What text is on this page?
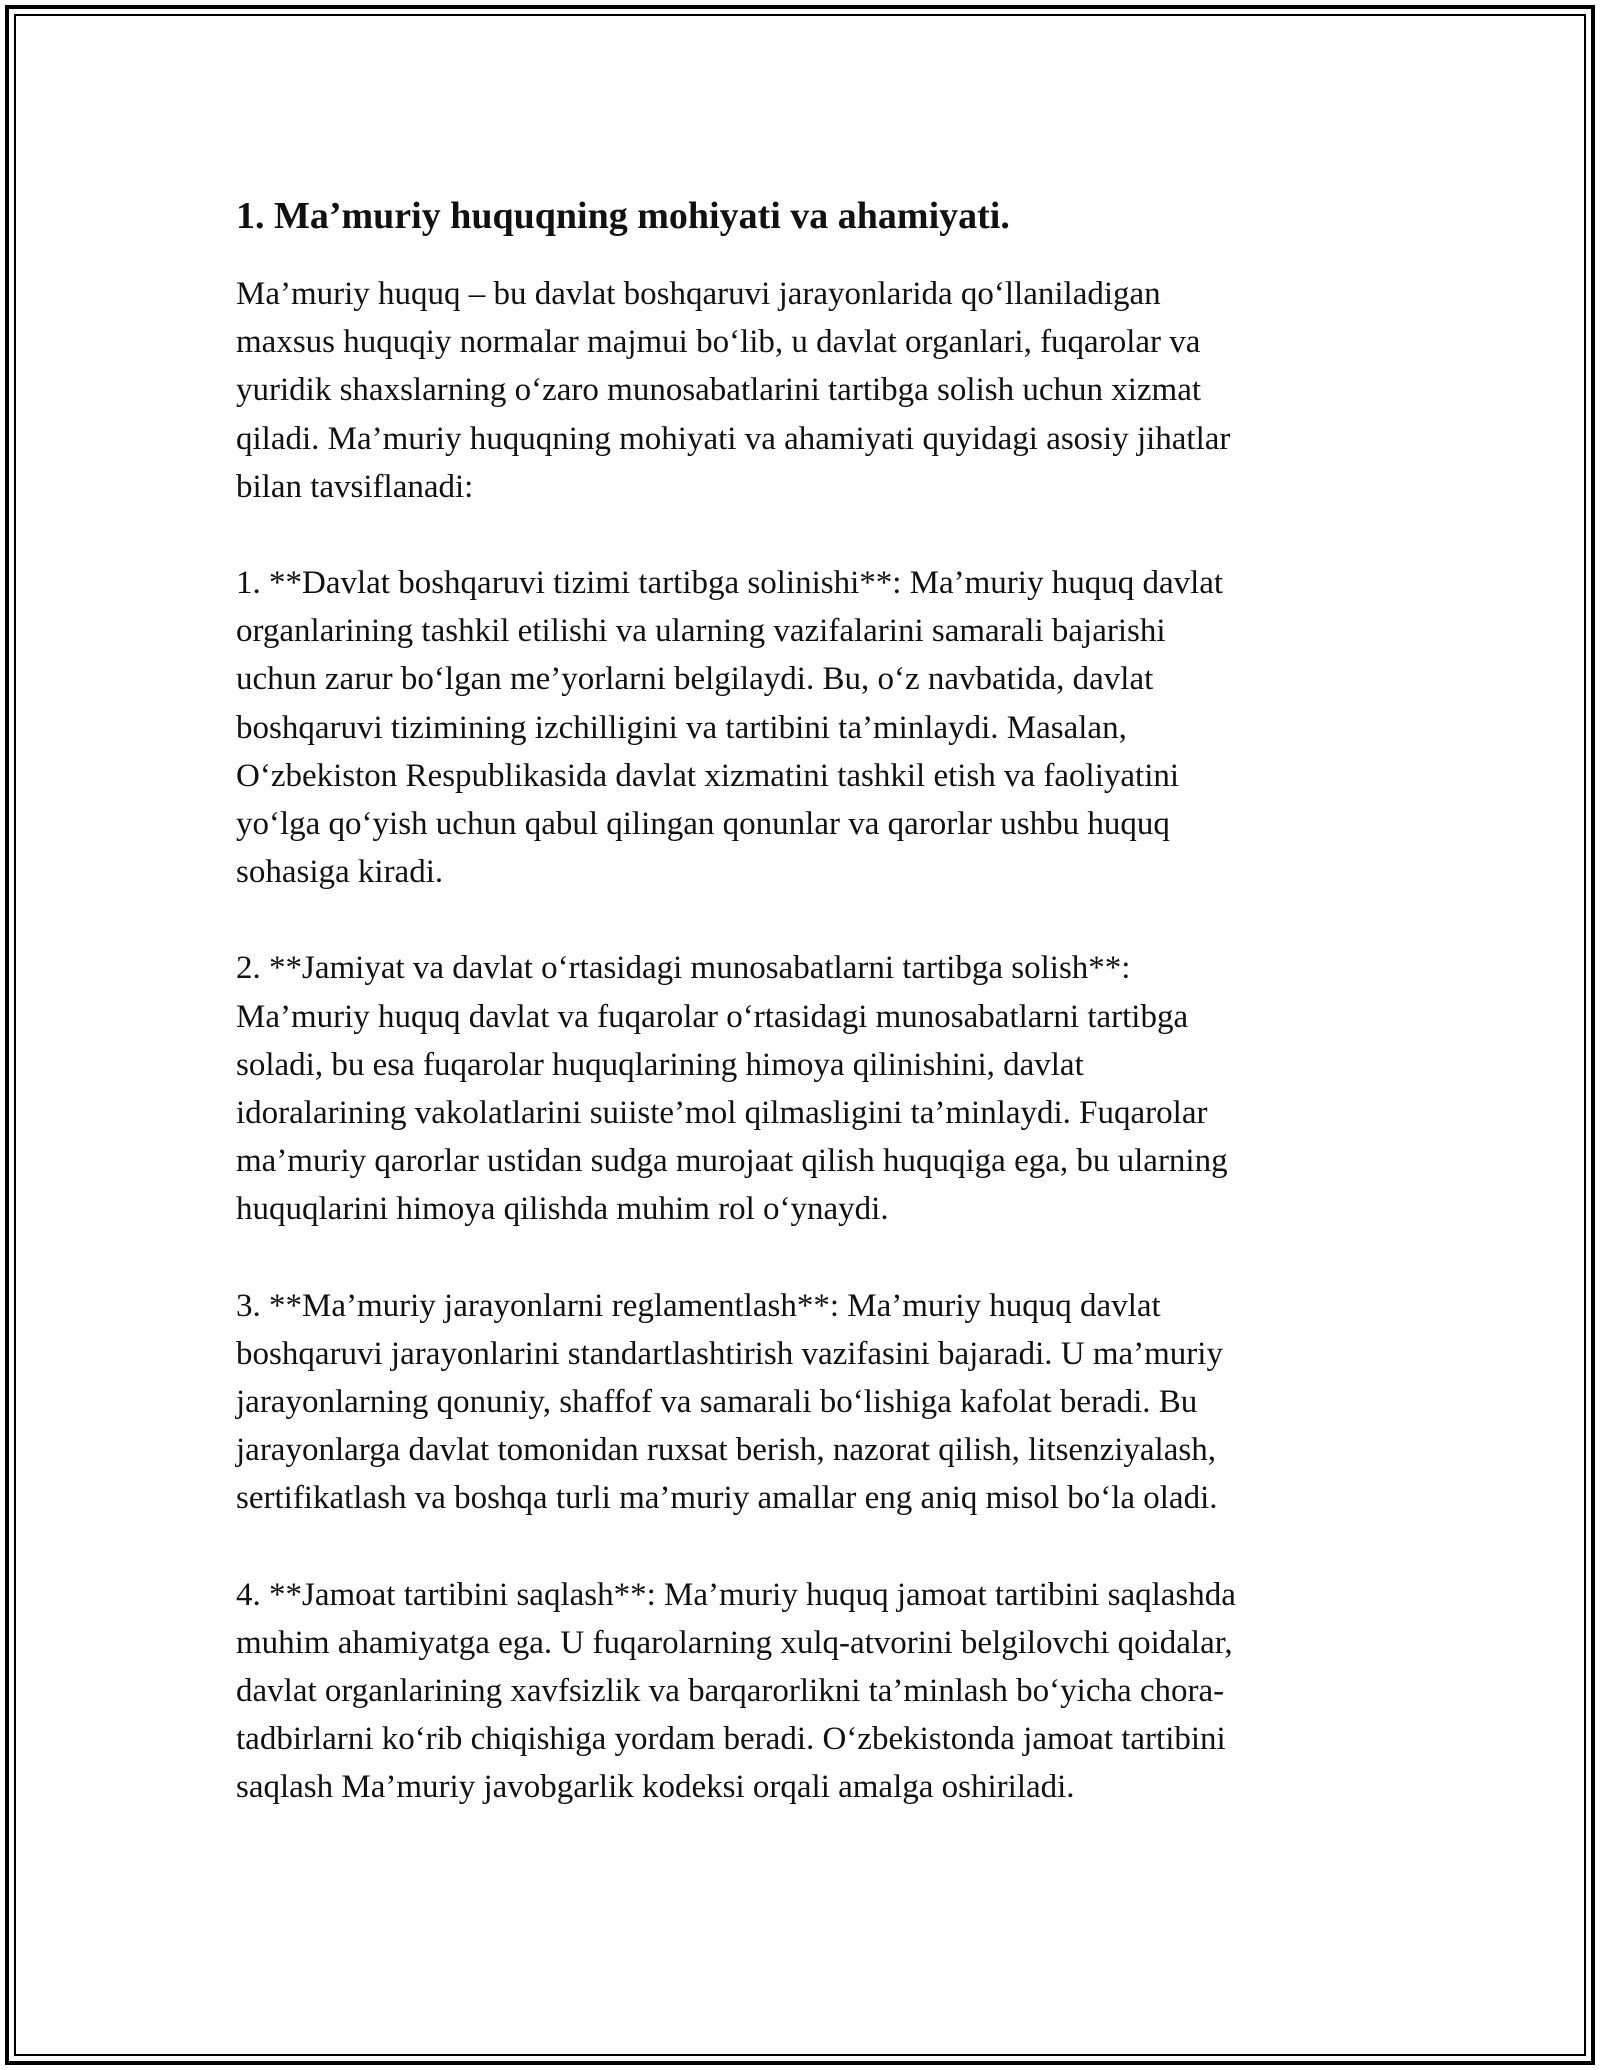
1. Ma’muriy huquqning mohiyati va ahamiyati.

Ma’muriy huquq – bu davlat boshqaruvi jarayonlarida qo‘llaniladigan
maxsus huquqiy normalar majmui bo‘lib, u davlat organlari, fuqarolar va
yuridik shaxslarning o‘zaro munosabatlarini tartibga solish uchun xizmat
qiladi. Ma’muriy huquqning mohiyati va ahamiyati quyidagi asosiy jihatlar
bilan tavsiflanadi:

1. **Davlat boshqaruvi tizimi tartibga solinishi**: Ma’muriy huquq davlat
organlarining tashkil etilishi va ularning vazifalarini samarali bajarishi
uchun zarur bo‘lgan me’yorlarni belgilaydi. Bu, o‘z navbatida, davlat
boshqaruvi tizimining izchilligini va tartibini ta’minlaydi. Masalan,
O‘zbekiston Respublikasida davlat xizmatini tashkil etish va faoliyatini
yo‘lga qo‘yish uchun qabul qilingan qonunlar va qarorlar ushbu huquq
sohasiga kiradi.

2. **Jamiyat va davlat o‘rtasidagi munosabatlarni tartibga solish**:
Ma’muriy huquq davlat va fuqarolar o‘rtasidagi munosabatlarni tartibga
soladi, bu esa fuqarolar huquqlarining himoya qilinishini, davlat
idoralarining vakolatlarini suiiste’mol qilmasligini ta’minlaydi. Fuqarolar
ma’muriy qarorlar ustidan sudga murojaat qilish huquqiga ega, bu ularning
huquqlarini himoya qilishda muhim rol o‘ynaydi.

3. **Ma’muriy jarayonlarni reglamentlash**: Ma’muriy huquq davlat
boshqaruvi jarayonlarini standartlashtirish vazifasini bajaradi. U ma’muriy
jarayonlarning qonuniy, shaffof va samarali bo‘lishiga kafolat beradi. Bu
jarayonlarga davlat tomonidan ruxsat berish, nazorat qilish, litsenziyalash,
sertifikatlash va boshqa turli ma’muriy amallar eng aniq misol bo‘la oladi.

4. **Jamoat tartibini saqlash**: Ma’muriy huquq jamoat tartibini saqlashda
muhim ahamiyatga ega. U fuqarolarning xulq-atvorini belgilovchi qoidalar,
davlat organlarining xavfsizlik va barqarorlikni ta’minlash bo‘yicha chora-
tadbirlarni ko‘rib chiqishiga yordam beradi. O‘zbekistonda jamoat tartibini
saqlash Ma’muriy javobgarlik kodeksi orqali amalga oshiriladi.
